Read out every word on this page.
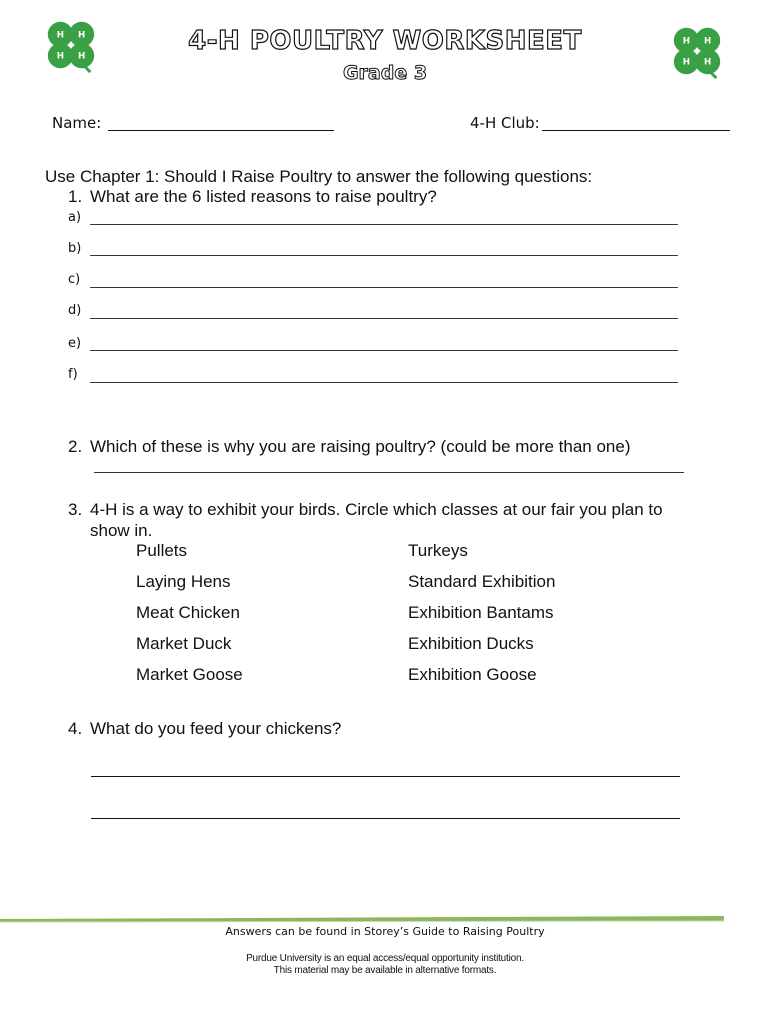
H H
H H
H H
H H
4-H POULTRY WORKSHEET
Grade 3
Name:	4-H Club:
Use Chapter 1: Should I Raise Poultry to answer the following questions:
1. What are the 6 listed reasons to raise poultry?
a)
b)
c)
d)
e)
f)
2. Which of these is why you are raising poultry? (could be more than one)
3. 4-H is a way to exhibit your birds. Circle which classes at our fair you plan to
show in.
Pullets
Laying Hens
Meat Chicken
Market Duck
Market Goose
Turkeys
Standard Exhibition
Exhibition Bantams
Exhibition Ducks
Exhibition Goose
4. What do you feed your chickens?
Answers can be found in Storey’s Guide to Raising Poultry
Purdue University is an equal access/equal opportunity institution.
This material may be available in alternative formats.
